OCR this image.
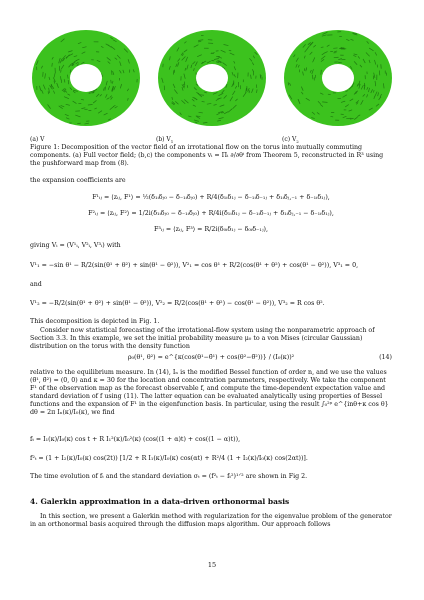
(a) V	(b) $V_1$	(c) $V_2$
Figure 1: Decomposition of the vector field of an irrotational flow on the torus into mutually commuting components. (a) Full vector field; (b,c) the components vᵢ = Πᵢ ∂/∂θⁱ from Theorem 5, reconstructed in R³ using the pushforward map from (8).
the expansion coefficients are
F̂¹ᵢⱼ = ⟨zᵢⱼ, F¹⟩ = ½(δ₁ᵢδⱼ₀ − δ₋₁ᵢδⱼ₀) + R/4(δ₁ᵢδ₁ⱼ − δ₋₁ᵢδ₋₁ⱼ + δ₁ᵢδⱼ,₋₁ + δ₋₁ᵢδ₁ⱼ),
F̂²ᵢⱼ = ⟨zᵢⱼ, F²⟩ = 1/2i(δ₁ᵢδⱼ₀ − δ₋₁ᵢδⱼ₀) + R/4i(δ₁ᵢδ₁ⱼ − δ₋₁ᵢδ₋₁ⱼ + δ₁ᵢδⱼ,₋₁ − δ₋₁ᵢδ₁ⱼ),
F̂³ᵢⱼ = ⟨zᵢⱼ, F³⟩ = R/2i(δ₀ᵢδ₁ⱼ − δ₀ᵢδ₋₁ⱼ),
giving Vᵢ = (V¹ᵢ, V²ᵢ, V³ᵢ) with
V¹₁ = −sin θ¹ − R/2(sin(θ¹ + θ²) + sin(θ¹ − θ²)), V²₁ = cos θ¹ + R/2(cos(θ¹ + θ²) + cos(θ¹ − θ²)), V³₁ = 0,
and
V¹₂ = −R/2(sin(θ¹ + θ²) + sin(θ¹ − θ²)), V²₂ = R/2(cos(θ¹ + θ²) − cos(θ¹ − θ²)), V³₂ = R cos θ².
This decomposition is depicted in Fig. 1.
Consider now statistical forecasting of the irrotational-flow system using the nonparametric approach of Section 3.3. In this example, we set the initial probability measure μ₀ to a von Mises (circular Gaussian) distribution on the torus with the density function
ρ₀(θ¹, θ²) = e^{κ(cos(θ¹−θ̄¹) + cos(θ²−θ̄²))} / (I₀(κ))²	(14)
relative to the equilibrium measure. In (14), Iₙ is the modified Bessel function of order n, and we use the values (θ̄¹, θ̄²) = (0, 0) and κ = 30 for the location and concentration parameters, respectively. We take the component F¹ of the observation map as the forecast observable f, and compute the time-dependent expectation value and standard deviation of f using (11). The latter equation can be evaluated analytically using properties of Bessel functions and the expansion of F¹ in the eigenfunction basis. In particular, using the result ∫₀²ᵖ e^{inθ+κ cos θ} dθ = 2π Iₙ(κ)/I₀(κ), we find
fₜ = I₁(κ)/I₀(κ) cos t + R I₁²(κ)/I₀²(κ) (cos((1 + α)t) + cos((1 − α)t)),
f²ₜ = (1 + I₂(κ)/I₀(κ) cos(2t)) [1/2 + R I₁(κ)/I₀(κ) cos(αt) + R²/4 (1 + I₂(κ)/I₀(κ) cos(2αt))].
The time evolution of fₜ and the standard deviation σₜ = (f²ₜ − fₜ²)¹ᐟ² are shown in Fig 2.
4. Galerkin approximation in a data-driven orthonormal basis
In this section, we present a Galerkin method with regularization for the eigenvalue problem of the generator in an orthonormal basis acquired through the diffusion maps algorithm. Our approach follows
15
